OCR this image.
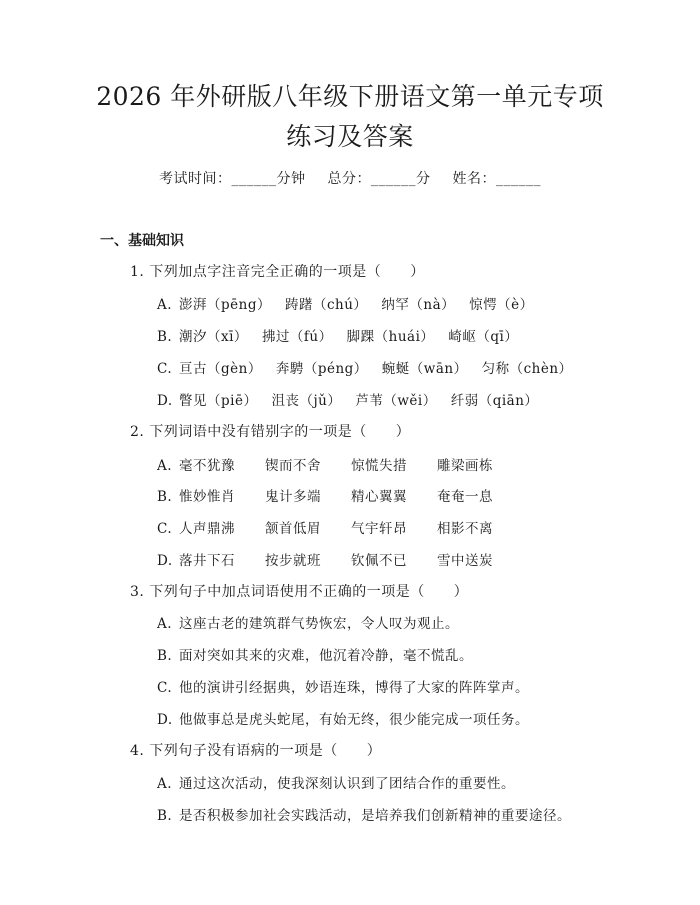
2026 年外研版八年级下册语文第一单元专项
练习及答案
考试时间：______分钟 总分：______分 姓名：______
一、基础知识
1. 下列加点字注音完全正确的一项是（　　）
A. 澎湃（pēng） 踌躇（chú） 纳罕（nà） 惊愕（è）
B. 潮汐（xī） 拂过（fú） 脚踝（huái） 崎岖（qī）
C. 亘古（gèn） 奔騁（péng） 蜿蜒（wān） 匀称（chèn）
D. 瞥见（piē） 沮丧（jǔ） 芦苇（wěi） 纤弱（qiān）
2. 下列词语中没有错别字的一项是（　　）
A. 毫不犹豫 锲而不舍 惊慌失措 雕梁画栋
B. 惟妙惟肖 鬼计多端 精心翼翼 奄奄一息
C. 人声鼎沸 颔首低眉 气宇轩昂 相影不离
D. 落井下石 按步就班 钦佩不已 雪中送炭
3. 下列句子中加点词语使用不正确的一项是（　　）
A. 这座古老的建筑群气势恢宏，令人叹为观止。
B. 面对突如其来的灾难，他沉着冷静，毫不慌乱。
C. 他的演讲引经据典，妙语连珠，博得了大家的阵阵掌声。
D. 他做事总是虎头蛇尾，有始无终，很少能完成一项任务。
4. 下列句子没有语病的一项是（　　）
A. 通过这次活动，使我深刻认识到了团结合作的重要性。
B. 是否积极参加社会实践活动，是培养我们创新精神的重要途径。
